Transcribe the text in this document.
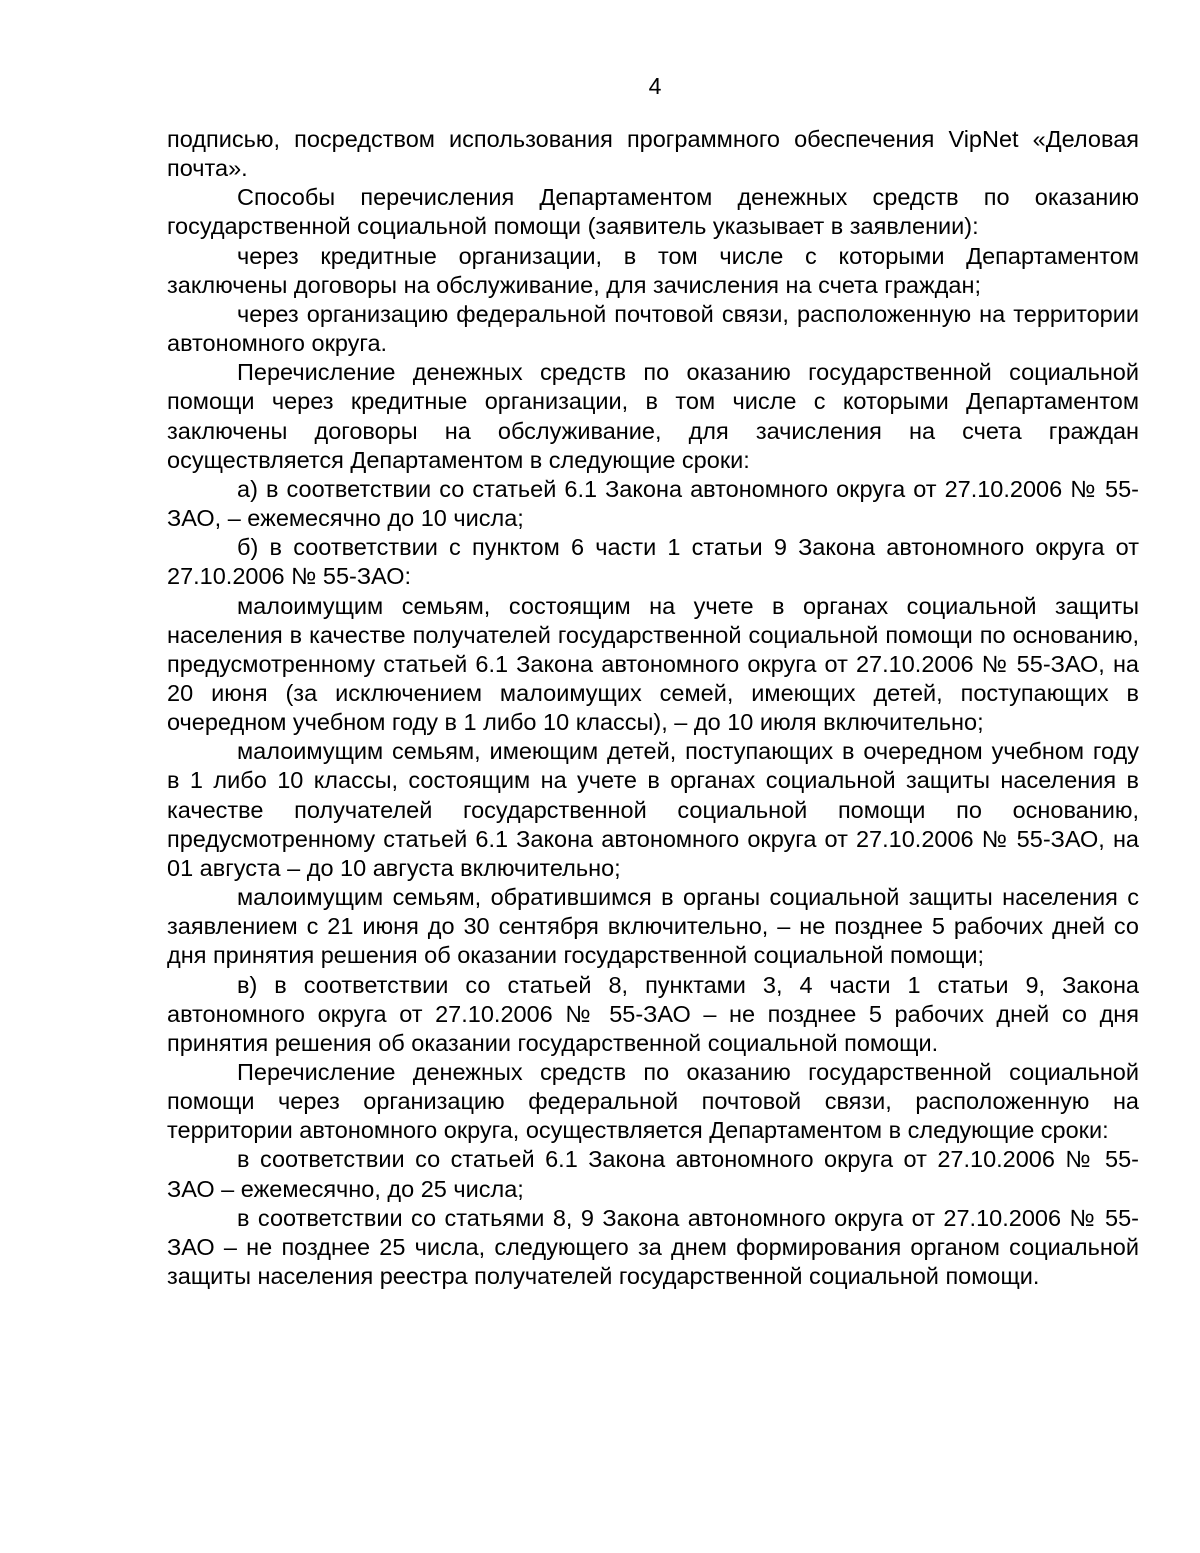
4

подписью, посредством использования программного обеспечения VipNet «Деловая почта».

Способы перечисления Департаментом денежных средств по оказанию государственной социальной помощи (заявитель указывает в заявлении):

через кредитные организации, в том числе с которыми Департаментом заключены договоры на обслуживание, для зачисления на счета граждан;

через организацию федеральной почтовой связи, расположенную на территории автономного округа.

Перечисление денежных средств по оказанию государственной социальной помощи через кредитные организации, в том числе с которыми Департаментом заключены договоры на обслуживание, для зачисления на счета граждан осуществляется Департаментом в следующие сроки:

а) в соответствии со статьей 6.1 Закона автономного округа от 27.10.2006 № 55-ЗАО, – ежемесячно до 10 числа;

б) в соответствии с пунктом 6 части 1 статьи 9 Закона автономного округа от 27.10.2006 № 55-ЗАО:

малоимущим семьям, состоящим на учете в органах социальной защиты населения в качестве получателей государственной социальной помощи по основанию, предусмотренному статьей 6.1 Закона автономного округа от 27.10.2006 № 55-ЗАО, на 20 июня (за исключением малоимущих семей, имеющих детей, поступающих в очередном учебном году в 1 либо 10 классы), – до 10 июля включительно;

малоимущим семьям, имеющим детей, поступающих в очередном учебном году в 1 либо 10 классы, состоящим на учете в органах социальной защиты населения в качестве получателей государственной социальной помощи по основанию, предусмотренному статьей 6.1 Закона автономного округа от 27.10.2006 № 55-ЗАО, на 01 августа – до 10 августа включительно;

малоимущим семьям, обратившимся в органы социальной защиты населения с заявлением с 21 июня до 30 сентября включительно, – не позднее 5 рабочих дней со дня принятия решения об оказании государственной социальной помощи;

в) в соответствии со статьей 8, пунктами 3, 4 части 1 статьи 9, Закона автономного округа от 27.10.2006 № 55-ЗАО – не позднее 5 рабочих дней со дня принятия решения об оказании государственной социальной помощи.

Перечисление денежных средств по оказанию государственной социальной помощи через организацию федеральной почтовой связи, расположенную на территории автономного округа, осуществляется Департаментом в следующие сроки:

в соответствии со статьей 6.1 Закона автономного округа от 27.10.2006 № 55-ЗАО – ежемесячно, до 25 числа;

в соответствии со статьями 8, 9 Закона автономного округа от 27.10.2006 № 55-ЗАО – не позднее 25 числа, следующего за днем формирования органом социальной защиты населения реестра получателей государственной социальной помощи.
